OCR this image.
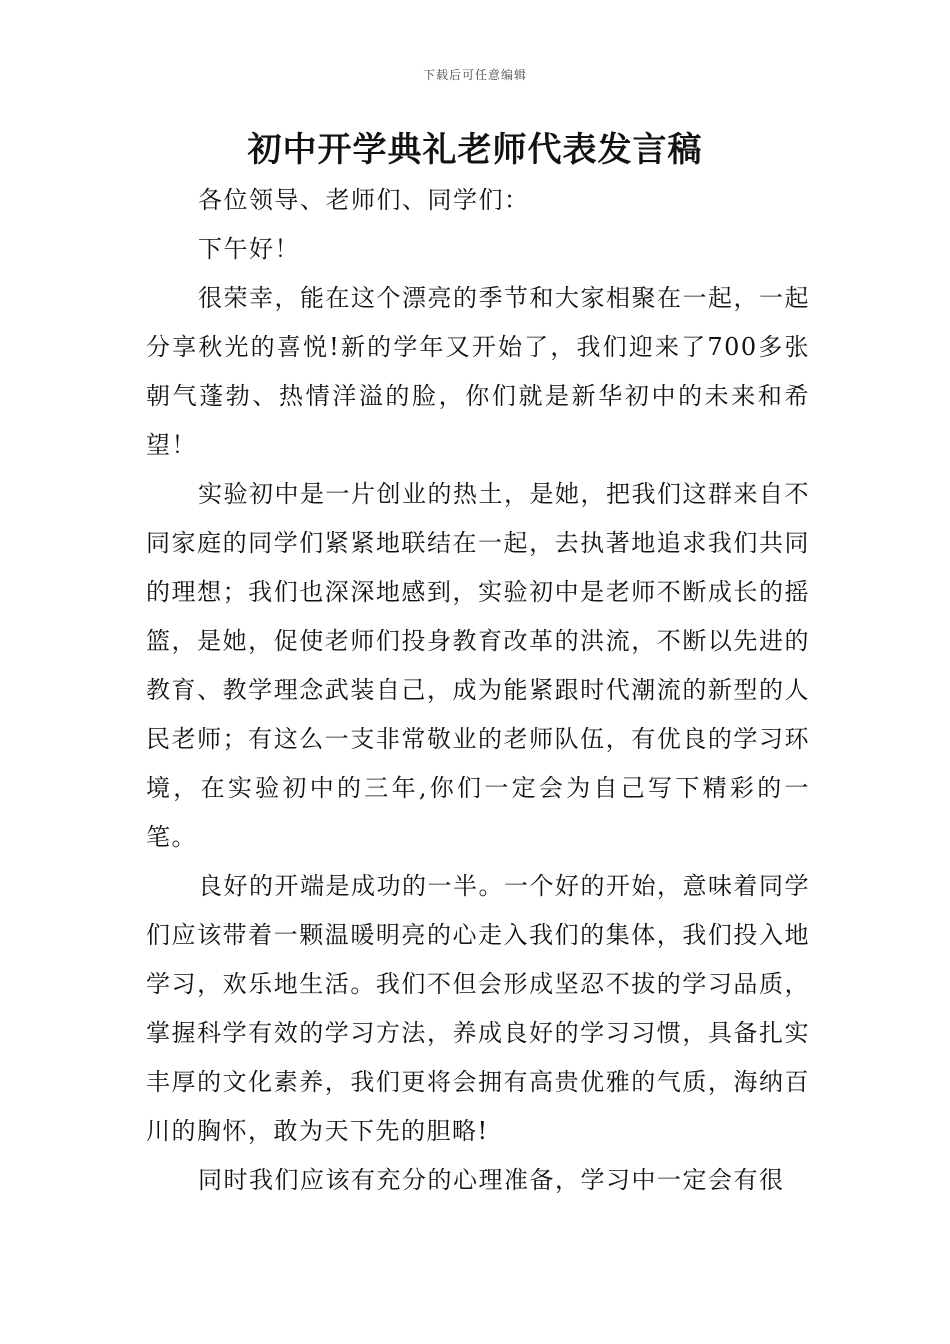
下载后可任意编辑
初中开学典礼老师代表发言稿

各位领导、老师们、同学们：

下午好！

很荣幸，能在这个漂亮的季节和大家相聚在一起，一起分享秋光的喜悦!新的学年又开始了，我们迎来了700多张朝气蓬勃、热情洋溢的脸，你们就是新华初中的未来和希望！

实验初中是一片创业的热土，是她，把我们这群来自不同家庭的同学们紧紧地联结在一起，去执著地追求我们共同的理想；我们也深深地感到，实验初中是老师不断成长的摇篮，是她，促使老师们投身教育改革的洪流，不断以先进的教育、教学理念武装自己，成为能紧跟时代潮流的新型的人民老师；有这么一支非常敬业的老师队伍，有优良的学习环境，在实验初中的三年,你们一定会为自己写下精彩的一笔。

良好的开端是成功的一半。一个好的开始，意味着同学们应该带着一颗温暖明亮的心走入我们的集体，我们投入地学习，欢乐地生活。我们不但会形成坚忍不拔的学习品质，掌握科学有效的学习方法，养成良好的学习习惯，具备扎实丰厚的文化素养，我们更将会拥有高贵优雅的气质，海纳百川的胸怀，敢为天下先的胆略!

同时我们应该有充分的心理准备，学习中一定会有很
